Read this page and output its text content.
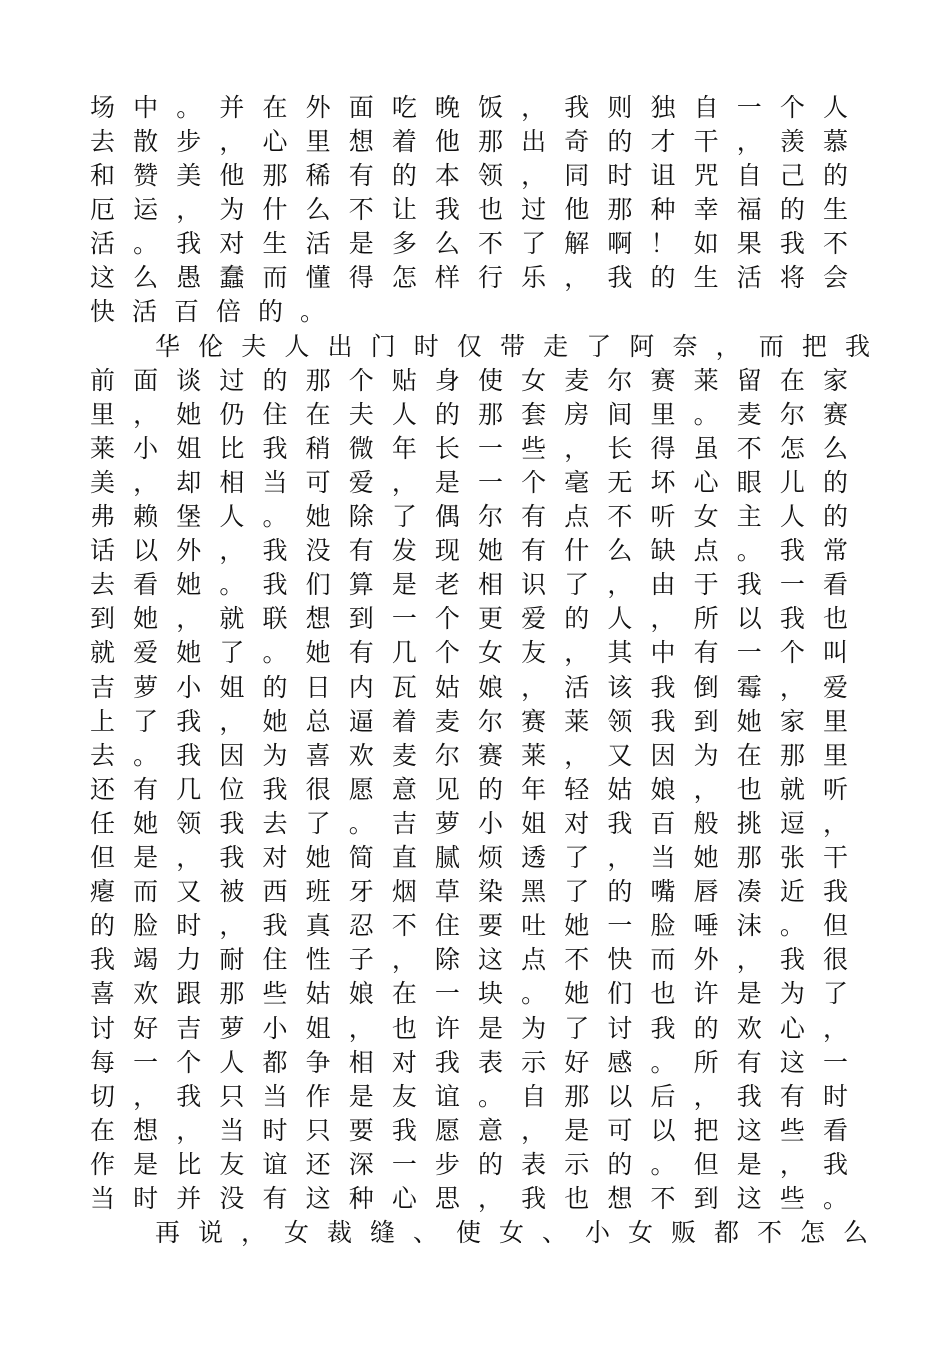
场中。并在外面吃晚饭，我则独自一个人
去散步，心里想着他那出奇的才干，羡慕
和赞美他那稀有的本领，同时诅咒自己的
厄运，为什么不让我也过他那种幸福的生
活。我对生活是多么不了解啊！如果我不
这么愚蠢而懂得怎样行乐，我的生活将会
快活百倍的。
华伦夫人出门时仅带走了阿奈，而把我
前面谈过的那个贴身使女麦尔赛莱留在家
里，她仍住在夫人的那套房间里。麦尔赛
莱小姐比我稍微年长一些，长得虽不怎么
美，却相当可爱，是一个毫无坏心眼儿的
弗赖堡人。她除了偶尔有点不听女主人的
话以外，我没有发现她有什么缺点。我常
去看她。我们算是老相识了，由于我一看
到她，就联想到一个更爱的人，所以我也
就爱她了。她有几个女友，其中有一个叫
吉萝小姐的日内瓦姑娘，活该我倒霉，爱
上了我，她总逼着麦尔赛莱领我到她家里
去。我因为喜欢麦尔赛莱，又因为在那里
还有几位我很愿意见的年轻姑娘，也就听
任她领我去了。吉萝小姐对我百般挑逗，
但是，我对她简直腻烦透了，当她那张干
瘪而又被西班牙烟草染黑了的嘴唇凑近我
的脸时，我真忍不住要吐她一脸唾沫。但
我竭力耐住性子，除这点不快而外，我很
喜欢跟那些姑娘在一块。她们也许是为了
讨好吉萝小姐，也许是为了讨我的欢心，
每一个人都争相对我表示好感。所有这一
切，我只当作是友谊。自那以后，我有时
在想，当时只要我愿意，是可以把这些看
作是比友谊还深一步的表示的。但是，我
当时并没有这种心思，我也想不到这些。
再说，女裁缝、使女、小女贩都不怎么
